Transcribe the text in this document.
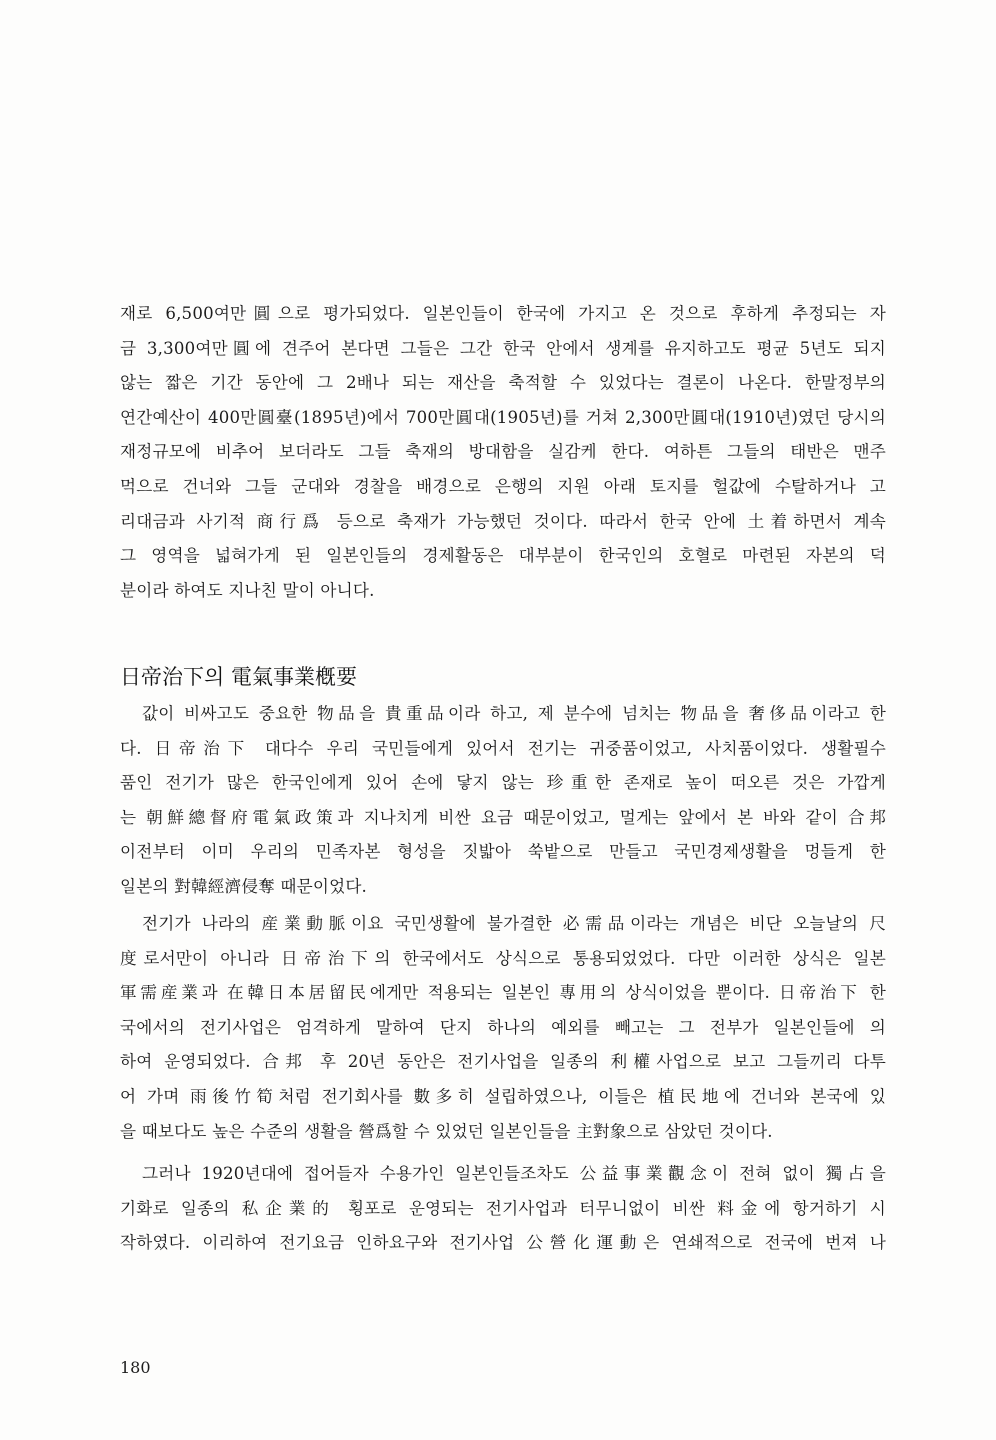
재로 6,500여만圓으로 평가되었다. 일본인들이 한국에 가지고 온 것으로 후하게 추정되는 자
금 3,300여만圓에 견주어 본다면 그들은 그간 한국 안에서 생계를 유지하고도 평균 5년도 되지
않는 짧은 기간 동안에 그 2배나 되는 재산을 축적할 수 있었다는 결론이 나온다. 한말정부의
연간예산이 400만圓臺(1895년)에서 700만圓대(1905년)를 거쳐 2,300만圓대(1910년)였던 당시의
재정규모에 비추어 보더라도 그들 축재의 방대함을 실감케 한다. 여하튼 그들의 태반은 맨주
먹으로 건너와 그들 군대와 경찰을 배경으로 은행의 지원 아래 토지를 헐값에 수탈하거나 고
리대금과 사기적 商行爲 등으로 축재가 가능했던 것이다. 따라서 한국 안에 土着하면서 계속
그 영역을 넓혀가게 된 일본인들의 경제활동은 대부분이 한국인의 호혈로 마련된 자본의 덕
분이라 하여도 지나친 말이 아니다.
日帝治下의 電氣事業槪要
값이 비싸고도 중요한 物品을 貴重品이라 하고, 제 분수에 넘치는 物品을 奢侈品이라고 한
다. 日帝治下 대다수 우리 국민들에게 있어서 전기는 귀중품이었고, 사치품이었다. 생활필수
품인 전기가 많은 한국인에게 있어 손에 닿지 않는 珍重한 존재로 높이 떠오른 것은 가깝게
는 朝鮮總督府電氣政策과 지나치게 비싼 요금 때문이었고, 멀게는 앞에서 본 바와 같이 合邦
이전부터 이미 우리의 민족자본 형성을 짓밟아 쑥밭으로 만들고 국민경제생활을 멍들게 한
일본의 對韓經濟侵奪 때문이었다.
전기가 나라의 産業動脈이요 국민생활에 불가결한 必需品이라는 개념은 비단 오늘날의 尺
度로서만이 아니라 日帝治下의 한국에서도 상식으로 통용되었었다. 다만 이러한 상식은 일본
軍需産業과 在韓日本居留民에게만 적용되는 일본인 專用의 상식이었을 뿐이다. 日帝治下 한
국에서의 전기사업은 엄격하게 말하여 단지 하나의 예외를 빼고는 그 전부가 일본인들에 의
하여 운영되었다. 合邦 후 20년 동안은 전기사업을 일종의 利權사업으로 보고 그들끼리 다투
어 가며 雨後竹筍처럼 전기회사를 數多히 설립하였으나, 이들은 植民地에 건너와 본국에 있
을 때보다도 높은 수준의 생활을 營爲할 수 있었던 일본인들을 主對象으로 삼았던 것이다.
그러나 1920년대에 접어들자 수용가인 일본인들조차도 公益事業觀念이 전혀 없이 獨占을
기화로 일종의 私企業的 횡포로 운영되는 전기사업과 터무니없이 비싼 料金에 항거하기 시
작하였다. 이리하여 전기요금 인하요구와 전기사업 公營化運動은 연쇄적으로 전국에 번져 나
180
